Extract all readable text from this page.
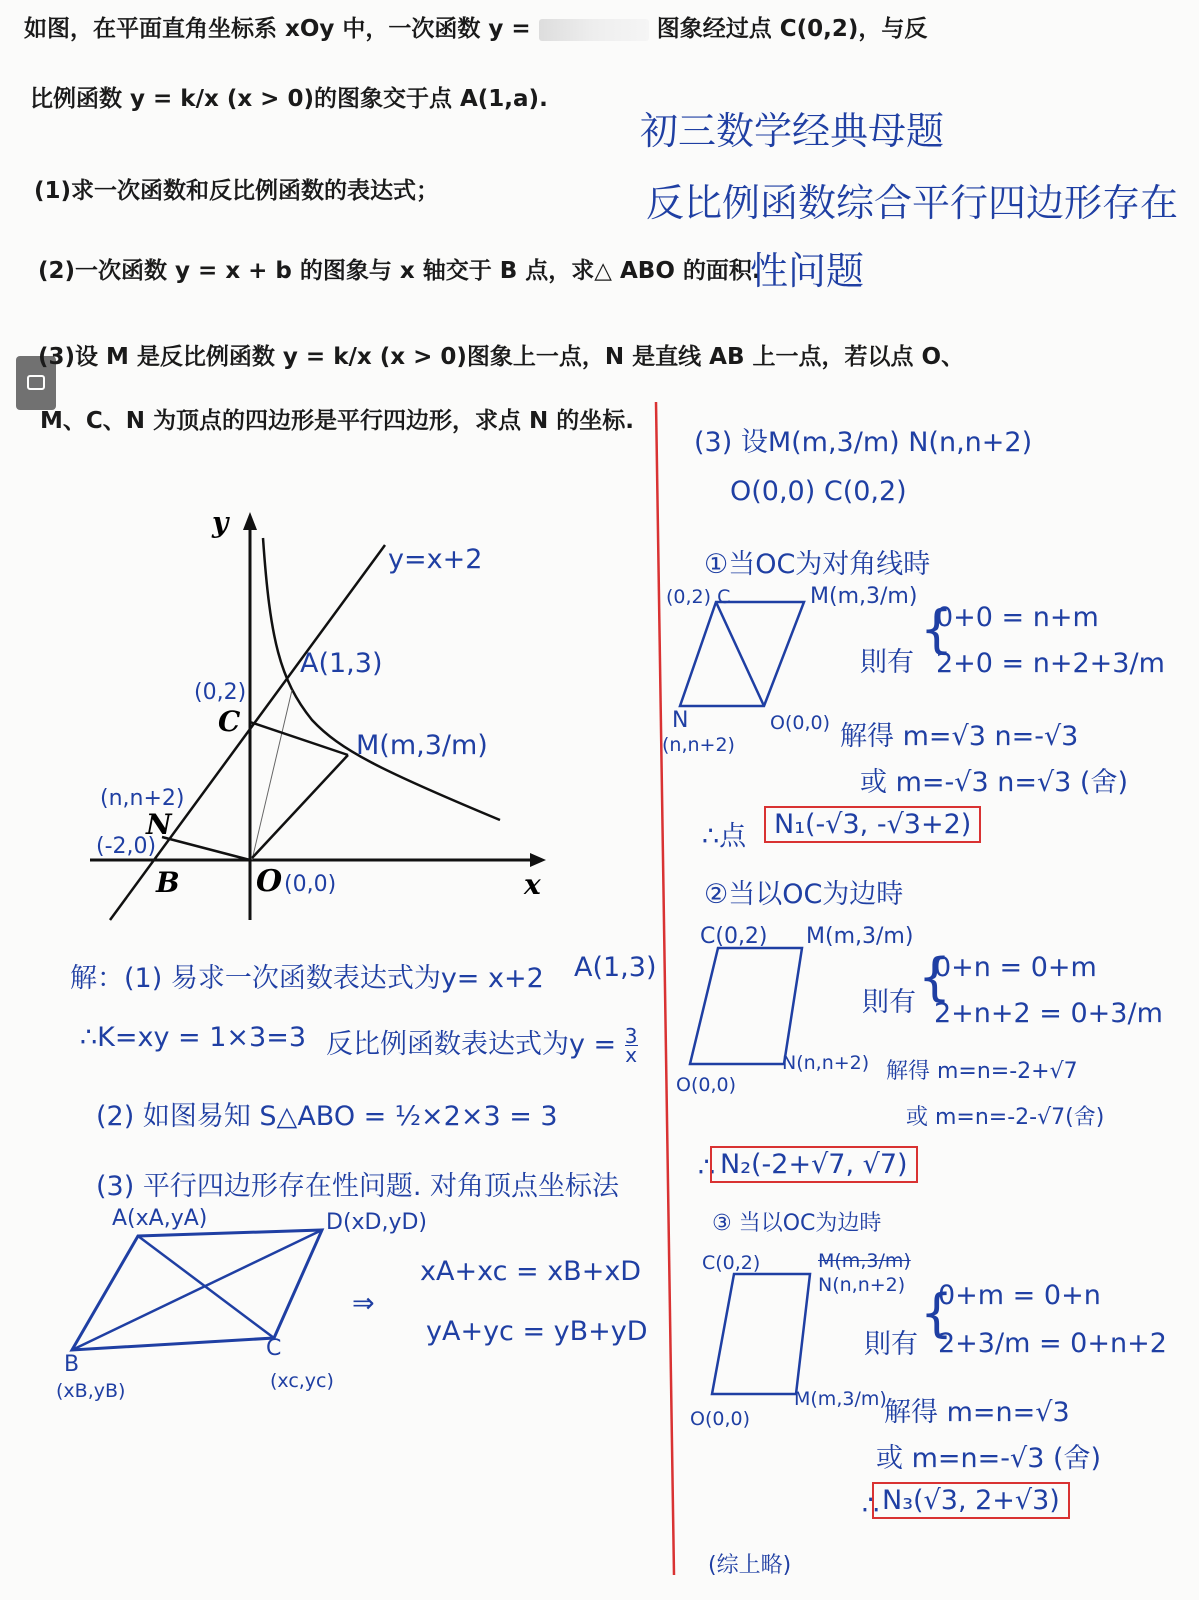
如图，在平面直角坐标系 xOy 中，一次函数 y =	图象经过点 C(0,2)，与反
比例函数 y = k/x (x > 0)的图象交于点 A(1,a).
(1)求一次函数和反比例函数的表达式；
(2)一次函数 y = x + b 的图象与 x 轴交于 B 点，求△ ABO 的面积.
(3)设 M 是反比例函数 y = k/x (x > 0)图象上一点，N 是直线 AB 上一点，若以点 O、
M、C、N 为顶点的四边形是平行四边形，求点 N 的坐标.
初三数学经典母题
反比例函数综合平行四边形存在
性问题
y
x
y=x+2
A(1,3)
(0,2)
C
M(m,3/m)
(n,n+2)
N
(-2,0)
B	O (0,0)
解：(1) 易求一次函数表达式为y= x+2 A(1,3)
∴K=xy = 1×3=3 反比例函数表达式为$y = \frac{3}{x}$
(2) 如图易知 S△ABO = ½×2×3 = 3
(3) 平行四边形存在性问题. 对角顶点坐标法
A(xA,yA)	D(xD,yD)
B
(xB,yB)
C
(xc,yc)
⇒
xA+xc = xB+xD
yA+yc = yB+yD
(3) 设M(m,3/m) N(n,n+2)
O(0,0) C(0,2)
①当OC为对角线時
(0,2) C	M(m,3/m)
N
(n,n+2)
O(0,0)
則有
{
0+0 = n+m
2+0 = n+2+3/m
解得 m=√3 n=-√3
或 m=-√3 n=√3 (舍)
∴点	N₁(-√3, -√3+2)
②当以OC为边時
C(0,2) M(m,3/m)
O(0,0)
N(n,n+2)
則有 {
0+n = 0+m
2+n+2 = 0+3/m
解得 m=n=-2+√7
或 m=n=-2-√7(舍)
∴ N₂(-2+√7, √7)
③ 当以OC为边時
C(0,2)	M(m,3/m)
N(n,n+2)
O(0,0)
M(m,3/m)
則有
{
0+m = 0+n
2+3/m = 0+n+2
解得 m=n=√3
或 m=n=-√3 (舍)
∴ N₃(√3, 2+√3)
(综上略)
